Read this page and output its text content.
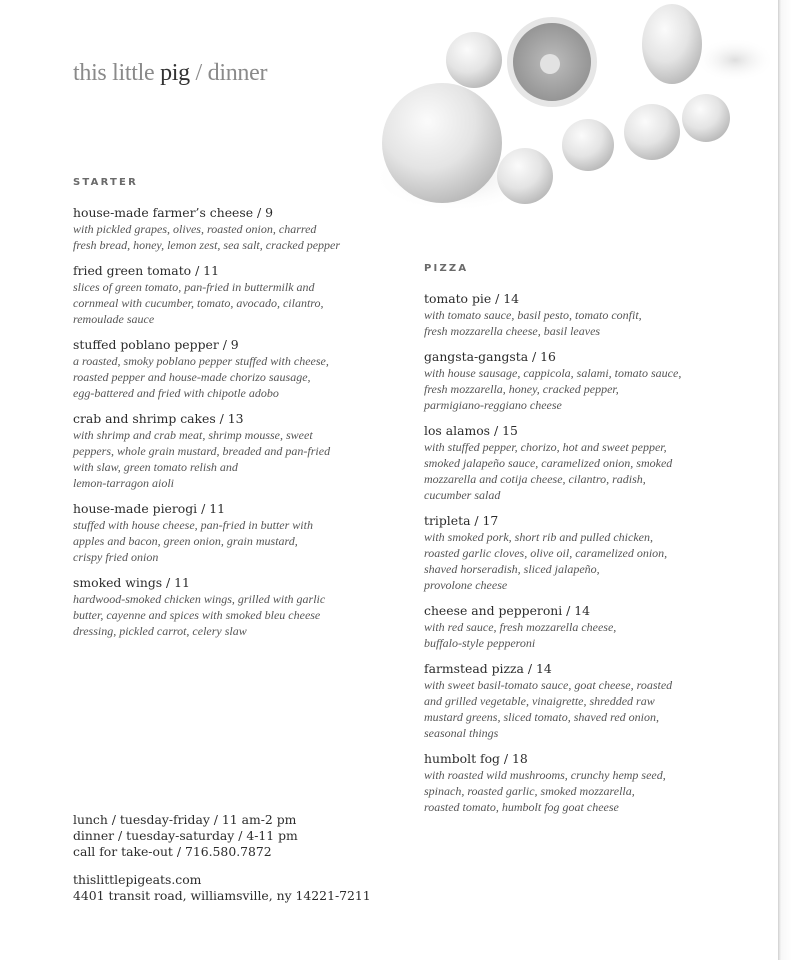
this little pig / dinner
STARTER
house-made farmer’s cheese / 9
with pickled grapes, olives, roasted onion, charred
fresh bread, honey, lemon zest, sea salt, cracked pepper
fried green tomato / 11
slices of green tomato, pan-fried in buttermilk and
cornmeal with cucumber, tomato, avocado, cilantro,
remoulade sauce
stuffed poblano pepper / 9
a roasted, smoky poblano pepper stuffed with cheese,
roasted pepper and house-made chorizo sausage,
egg-battered and fried with chipotle adobo
crab and shrimp cakes / 13
with shrimp and crab meat, shrimp mousse, sweet
peppers, whole grain mustard, breaded and pan-fried
with slaw, green tomato relish and
lemon-tarragon aioli
house-made pierogi / 11
stuffed with house cheese, pan-fried in butter with
apples and bacon, green onion, grain mustard,
crispy fried onion
smoked wings / 11
hardwood-smoked chicken wings, grilled with garlic
butter, cayenne and spices with smoked bleu cheese
dressing, pickled carrot, celery slaw
PIZZA
tomato pie / 14
with tomato sauce, basil pesto, tomato confit,
fresh mozzarella cheese, basil leaves
gangsta-gangsta / 16
with house sausage, cappicola, salami, tomato sauce,
fresh mozzarella, honey, cracked pepper,
parmigiano-reggiano cheese
los alamos / 15
with stuffed pepper, chorizo, hot and sweet pepper,
smoked jalapeño sauce, caramelized onion, smoked
mozzarella and cotija cheese, cilantro, radish,
cucumber salad
tripleta / 17
with smoked pork, short rib and pulled chicken,
roasted garlic cloves, olive oil, caramelized onion,
shaved horseradish, sliced jalapeño,
provolone cheese
cheese and pepperoni / 14
with red sauce, fresh mozzarella cheese,
buffalo-style pepperoni
farmstead pizza / 14
with sweet basil-tomato sauce, goat cheese, roasted
and grilled vegetable, vinaigrette, shredded raw
mustard greens, sliced tomato, shaved red onion,
seasonal things
humbolt fog / 18
with roasted wild mushrooms, crunchy hemp seed,
spinach, roasted garlic, smoked mozzarella,
roasted tomato, humbolt fog goat cheese
lunch / tuesday-friday / 11 am-2 pm
dinner / tuesday-saturday / 4-11 pm
call for take-out / 716.580.7872
thislittlepigeats.com
4401 transit road, williamsville, ny 14221-7211
